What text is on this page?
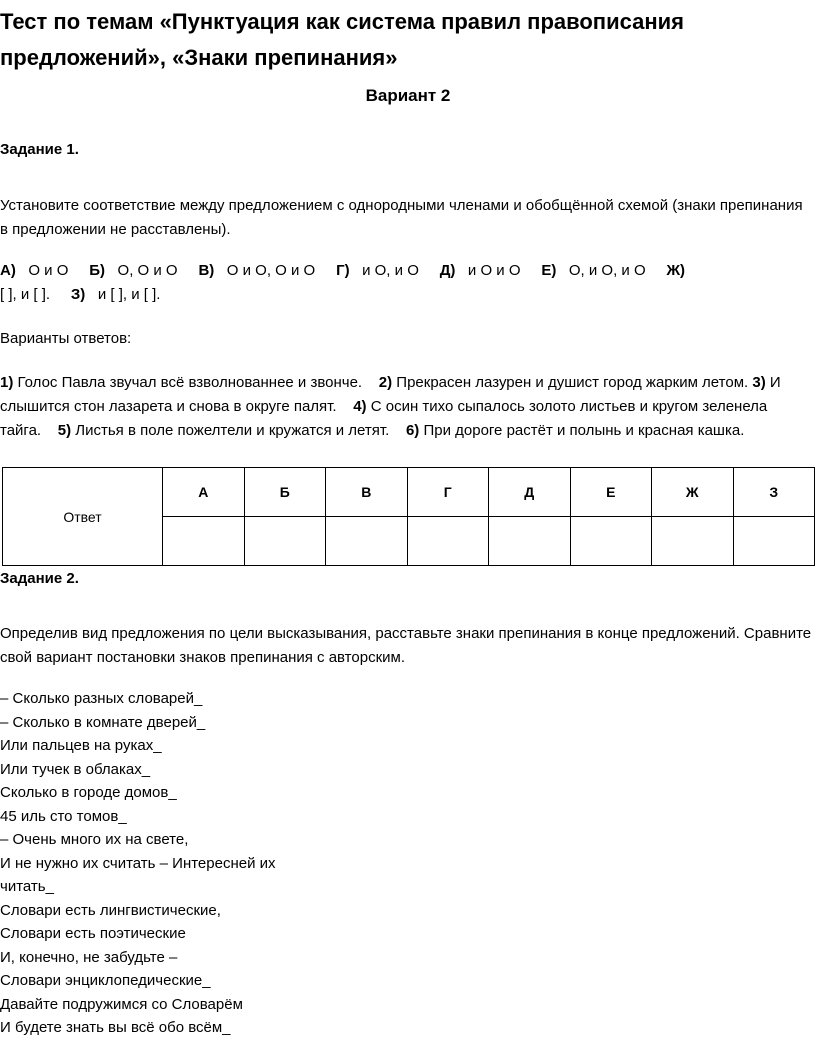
Тест по темам «Пунктуация как система правил правописания предложений», «Знаки препинания»
Вариант 2

Задание 1.

Установите соответствие между предложением с однородными членами и обобщённой схемой (знаки препинания в предложении не расставлены).

А) О и О Б) О, О и О В) О и О, О и О Г) и О, и О Д) и О и О Е) О, и О, и О Ж)
[ ], и [ ]. З) и [ ], и [ ].

Варианты ответов:

1) Голос Павла звучал всё взволнованнее и звонче. 2) Прекрасен лазурен и душист город жарким летом. 3) И слышится стон лазарета и снова в округе палят. 4) С осин тихо сыпалось золото листьев и кругом зеленела тайга. 5) Листья в поле пожелтели и кружатся и летят. 6) При дороге растёт и полынь и красная кашка.

Ответ	А	Б	В	Г	Д	Е	Ж	З

Задание 2.

Определив вид предложения по цели высказывания, расставьте знаки препинания в конце предложений. Сравните свой вариант постановки знаков препинания с авторским.

– Сколько разных словарей_
– Сколько в комнате дверей_
Или пальцев на руках_
Или тучек в облаках_
Сколько в городе домов_
45 иль сто томов_
– Очень много их на свете,
И не нужно их считать – Интересней их
читать_
Словари есть лингвистические,
Словари есть поэтические
И, конечно, не забудьте –
Словари энциклопедические_
Давайте подружимся со Словарём
И будете знать вы всё обо всём_
